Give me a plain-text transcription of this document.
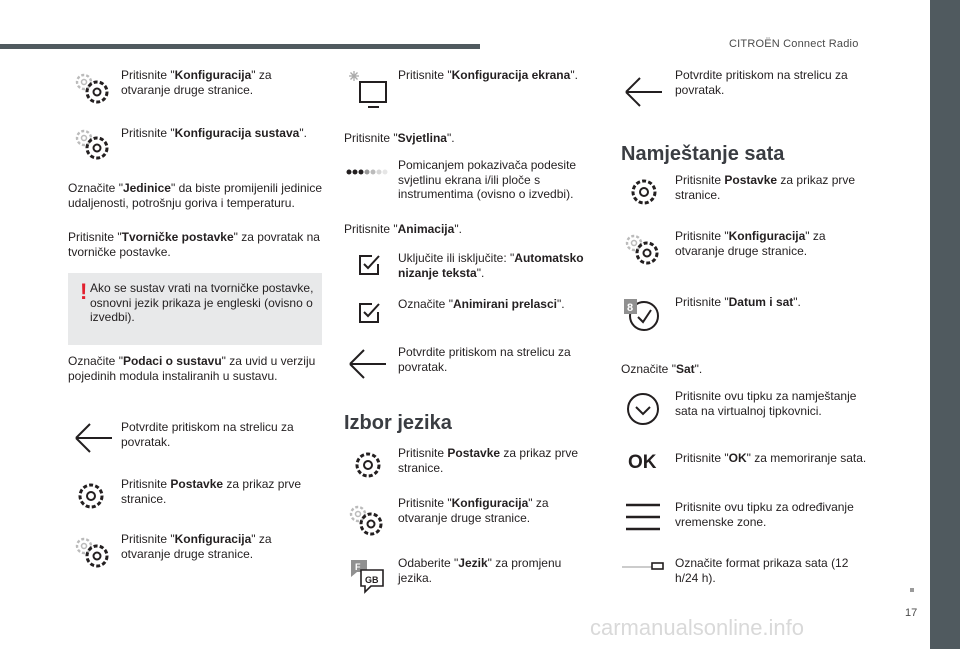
CITROËN Connect Radio
17
carmanualsonline.info
Pritisnite "Konfiguracija" za otvaranje druge stranice.
Pritisnite "Konfiguracija sustava".
Označite "Jedinice" da biste promijenili jedinice udaljenosti, potrošnju goriva i temperaturu.
Pritisnite "Tvorničke postavke" za povratak na tvorničke postavke.
! Ako se sustav vrati na tvorničke postavke, osnovni jezik prikaza je engleski (ovisno o izvedbi).
Označite "Podaci o sustavu" za uvid u verziju pojedinih modula instaliranih u sustavu.
Potvrdite pritiskom na strelicu za povratak.
Pritisnite Postavke za prikaz prve stranice.
Pritisnite "Konfiguracija" za otvaranje druge stranice.
Pritisnite "Konfiguracija ekrana".
Pritisnite "Svjetlina".
Pomicanjem pokazivača podesite svjetlinu ekrana i/ili ploče s instrumentima (ovisno o izvedbi).
Pritisnite "Animacija".
Uključite ili isključite: "Automatsko nizanje teksta".
Označite "Animirani prelasci".
Potvrdite pritiskom na strelicu za povratak.
Izbor jezika
Pritisnite Postavke za prikaz prve stranice.
Pritisnite "Konfiguracija" za otvaranje druge stranice.
F
GB
Odaberite "Jezik" za promjenu jezika.
Potvrdite pritiskom na strelicu za povratak.
Namještanje sata
Pritisnite Postavke za prikaz prve stranice.
Pritisnite "Konfiguracija" za otvaranje druge stranice.
8	Pritisnite "Datum i sat".
Označite "Sat".
Pritisnite ovu tipku za namještanje sata na virtualnoj tipkovnici.
OK Pritisnite "OK" za memoriranje sata.
Pritisnite ovu tipku za određivanje vremenske zone.
Označite format prikaza sata (12 h/24 h).
